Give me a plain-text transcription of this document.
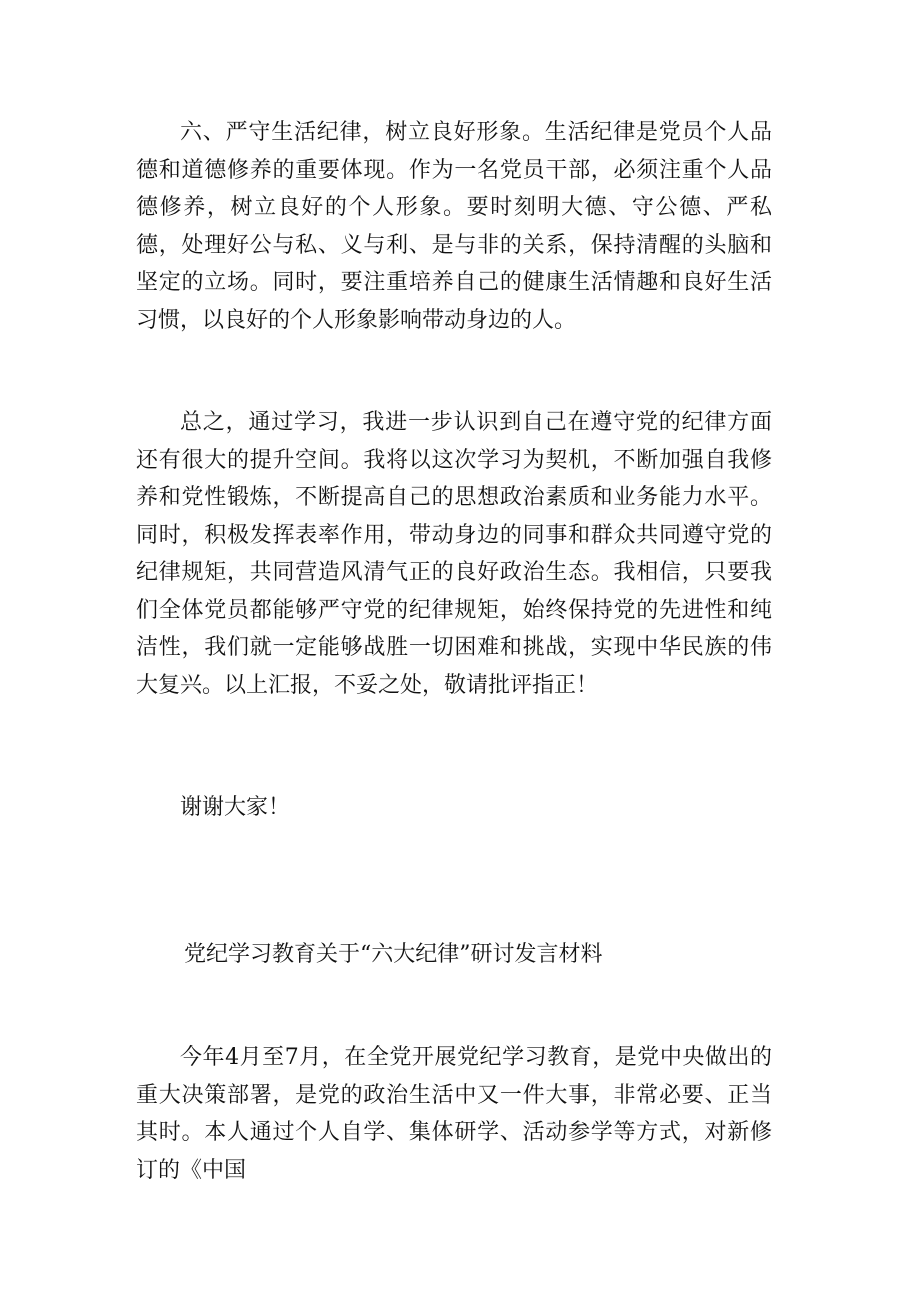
六、严守生活纪律，树立良好形象。生活纪律是党员个人品德和道德修养的重要体现。作为一名党员干部，必须注重个人品德修养，树立良好的个人形象。要时刻明大德、守公德、严私德，处理好公与私、义与利、是与非的关系，保持清醒的头脑和坚定的立场。同时，要注重培养自己的健康生活情趣和良好生活习惯，以良好的个人形象影响带动身边的人。

总之，通过学习，我进一步认识到自己在遵守党的纪律方面还有很大的提升空间。我将以这次学习为契机，不断加强自我修养和党性锻炼，不断提高自己的思想政治素质和业务能力水平。同时，积极发挥表率作用，带动身边的同事和群众共同遵守党的纪律规矩，共同营造风清气正的良好政治生态。我相信，只要我们全体党员都能够严守党的纪律规矩，始终保持党的先进性和纯洁性，我们就一定能够战胜一切困难和挑战，实现中华民族的伟大复兴。以上汇报，不妥之处，敬请批评指正！

谢谢大家！

党纪学习教育关于“六大纪律”研讨发言材料

今年4月至7月，在全党开展党纪学习教育，是党中央做出的重大决策部署，是党的政治生活中又一件大事，非常必要、正当其时。本人通过个人自学、集体研学、活动参学等方式，对新修订的《中国
